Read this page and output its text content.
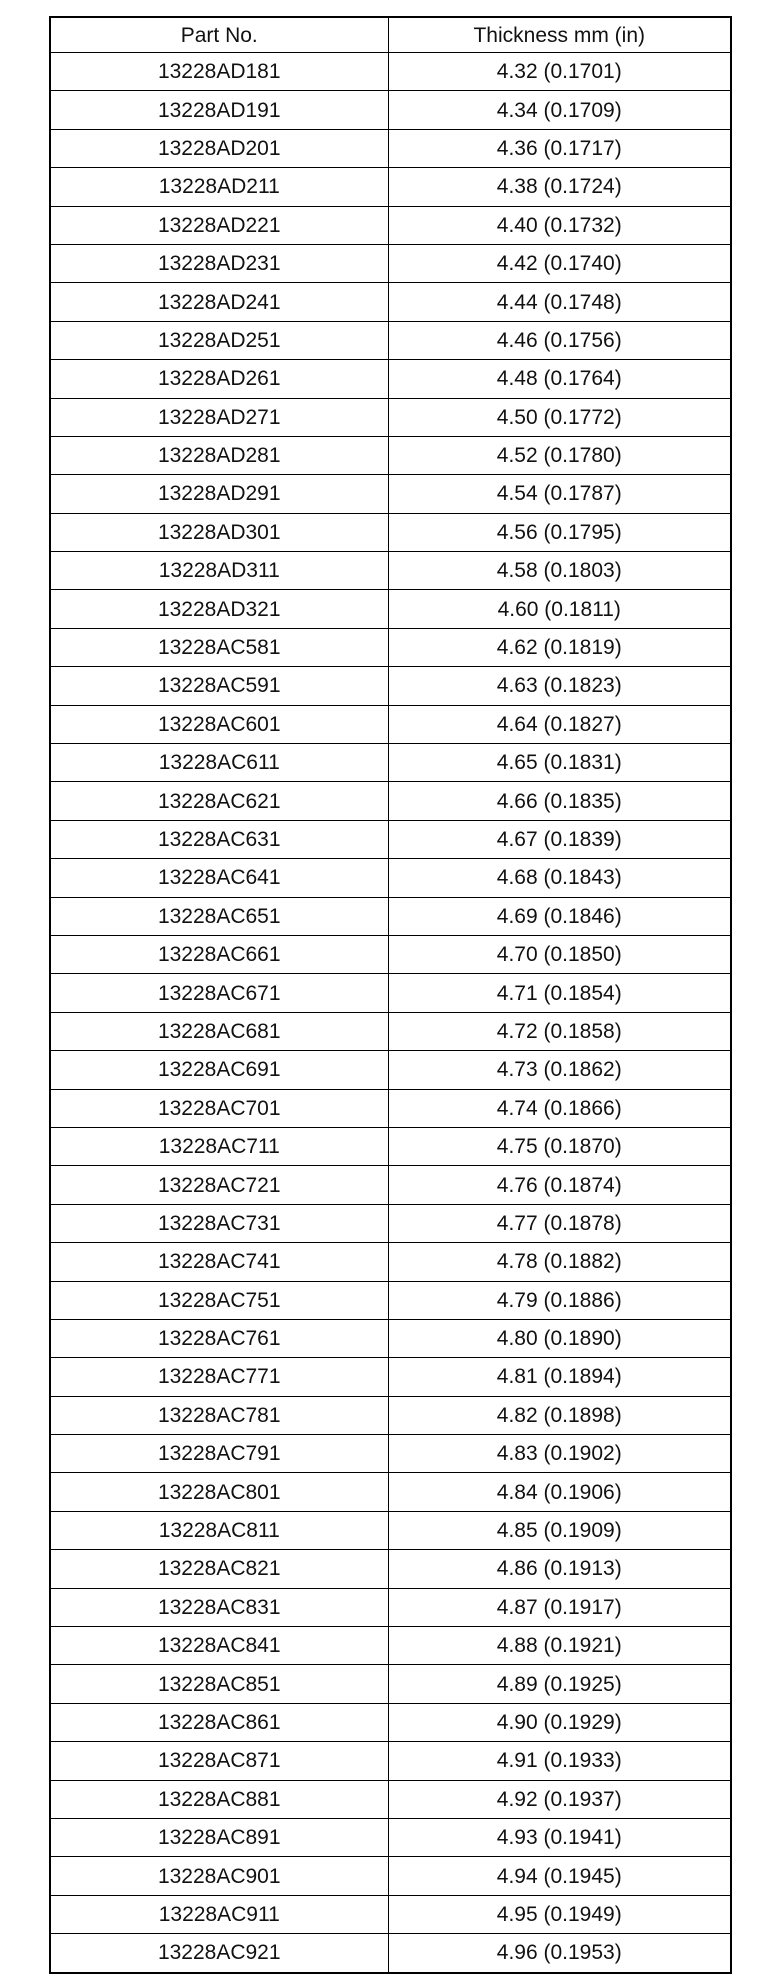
Part No.	Thickness mm (in)
13228AD181	4.32 (0.1701)
13228AD191	4.34 (0.1709)
13228AD201	4.36 (0.1717)
13228AD211	4.38 (0.1724)
13228AD221	4.40 (0.1732)
13228AD231	4.42 (0.1740)
13228AD241	4.44 (0.1748)
13228AD251	4.46 (0.1756)
13228AD261	4.48 (0.1764)
13228AD271	4.50 (0.1772)
13228AD281	4.52 (0.1780)
13228AD291	4.54 (0.1787)
13228AD301	4.56 (0.1795)
13228AD311	4.58 (0.1803)
13228AD321	4.60 (0.1811)
13228AC581	4.62 (0.1819)
13228AC591	4.63 (0.1823)
13228AC601	4.64 (0.1827)
13228AC611	4.65 (0.1831)
13228AC621	4.66 (0.1835)
13228AC631	4.67 (0.1839)
13228AC641	4.68 (0.1843)
13228AC651	4.69 (0.1846)
13228AC661	4.70 (0.1850)
13228AC671	4.71 (0.1854)
13228AC681	4.72 (0.1858)
13228AC691	4.73 (0.1862)
13228AC701	4.74 (0.1866)
13228AC711	4.75 (0.1870)
13228AC721	4.76 (0.1874)
13228AC731	4.77 (0.1878)
13228AC741	4.78 (0.1882)
13228AC751	4.79 (0.1886)
13228AC761	4.80 (0.1890)
13228AC771	4.81 (0.1894)
13228AC781	4.82 (0.1898)
13228AC791	4.83 (0.1902)
13228AC801	4.84 (0.1906)
13228AC811	4.85 (0.1909)
13228AC821	4.86 (0.1913)
13228AC831	4.87 (0.1917)
13228AC841	4.88 (0.1921)
13228AC851	4.89 (0.1925)
13228AC861	4.90 (0.1929)
13228AC871	4.91 (0.1933)
13228AC881	4.92 (0.1937)
13228AC891	4.93 (0.1941)
13228AC901	4.94 (0.1945)
13228AC911	4.95 (0.1949)
13228AC921	4.96 (0.1953)
